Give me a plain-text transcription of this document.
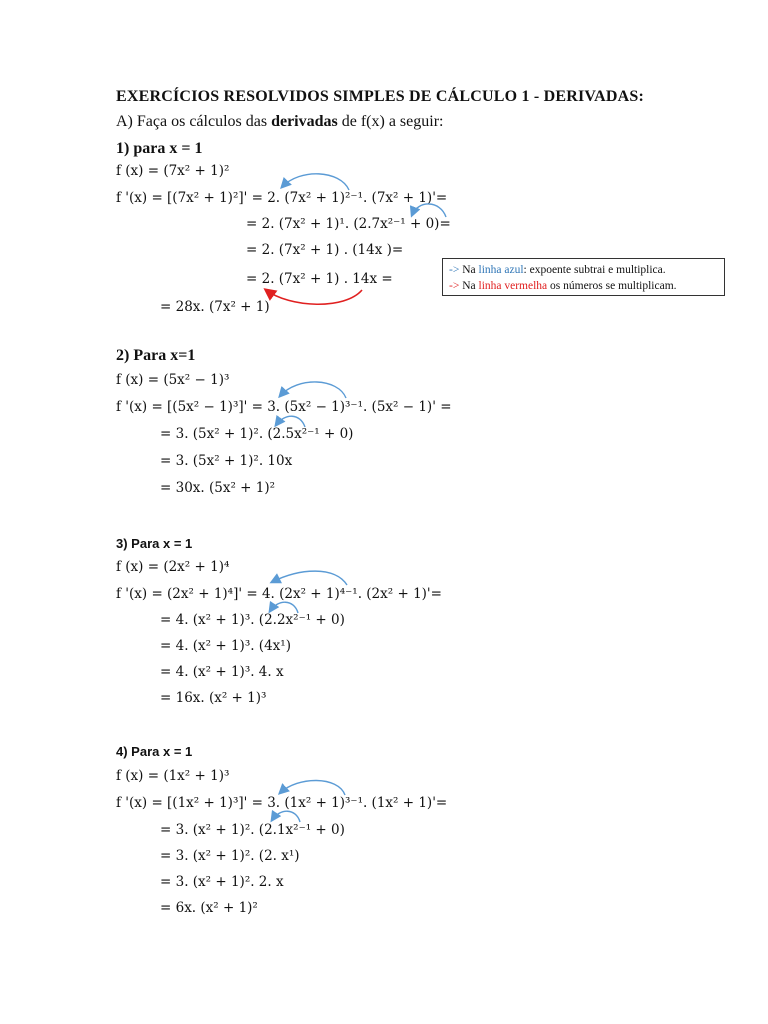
EXERCÍCIOS RESOLVIDOS SIMPLES DE CÁLCULO 1 - DERIVADAS:
A) Faça os cálculos das derivadas de f(x) a seguir:
1) para x = 1
f (x) = (7x² + 1)²
f '(x) = [(7x² + 1)²]' = 2. (7x² + 1)²⁻¹. (7x² + 1)'=
= 2. (7x² + 1)¹. (2.7x²⁻¹ + 0)=
= 2. (7x² + 1) . (14x )=
= 2. (7x² + 1) . 14x =
= 28x. (7x² + 1)
-> Na linha azul: expoente subtrai e multiplica.
-> Na linha vermelha os números se multiplicam.
2) Para x=1
f (x) = (5x² − 1)³
f '(x) = [(5x² − 1)³]' = 3. (5x² − 1)³⁻¹. (5x² − 1)' =
= 3. (5x² + 1)². (2.5x²⁻¹ + 0)
= 3. (5x² + 1)². 10x
= 30x. (5x² + 1)²
3) Para x = 1
f (x) = (2x² + 1)⁴
f '(x) = (2x² + 1)⁴]' = 4. (2x² + 1)⁴⁻¹. (2x² + 1)'=
= 4. (x² + 1)³. (2.2x²⁻¹ + 0)
= 4. (x² + 1)³. (4x¹)
= 4. (x² + 1)³. 4. x
= 16x. (x² + 1)³
4) Para x = 1
f (x) = (1x² + 1)³
f '(x) = [(1x² + 1)³]' = 3. (1x² + 1)³⁻¹. (1x² + 1)'=
= 3. (x² + 1)². (2.1x²⁻¹ + 0)
= 3. (x² + 1)². (2. x¹)
= 3. (x² + 1)². 2. x
= 6x. (x² + 1)²
